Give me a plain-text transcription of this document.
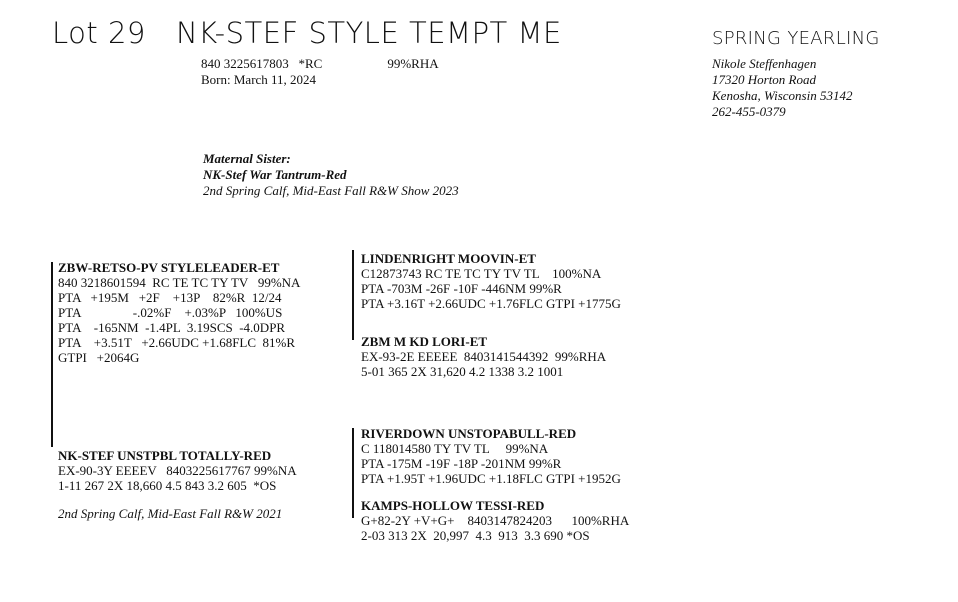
Lot 29 NK-STEF STYLE TEMPT ME	SPRING YEARLING
840 3225617803   *RC                    99%RHA
Born: March 11, 2024
Nikole Steffenhagen
17320 Horton Road
Kenosha, Wisconsin 53142
262-455-0379
Maternal Sister:
NK-Stef War Tantrum-Red
2nd Spring Calf, Mid-East Fall R&W Show 2023
ZBW-RETSO-PV STYLELEADER-ET
840 3218601594  RC TE TC TY TV   99%NA
PTA   +195M   +2F    +13P    82%R  12/24
PTA                -.02%F    +.03%P   100%US
PTA    -165NM  -1.4PL  3.19SCS  -4.0DPR
PTA    +3.51T   +2.66UDC +1.68FLC  81%R
GTPI   +2064G
LINDENRIGHT MOOVIN-ET
C12873743 RC TE TC TY TV TL    100%NA
PTA -703M -26F -10F -446NM 99%R
PTA +3.16T +2.66UDC +1.76FLC GTPI +1775G
ZBM M KD LORI-ET
EX-93-2E EEEEE  8403141544392  99%RHA
5-01 365 2X 31,620 4.2 1338 3.2 1001
NK-STEF UNSTPBL TOTALLY-RED
EX-90-3Y EEEEV   8403225617767 99%NA
1-11 267 2X 18,660 4.5 843 3.2 605  *OS
2nd Spring Calf, Mid-East Fall R&W 2021
RIVERDOWN UNSTOPABULL-RED
C 118014580 TY TV TL     99%NA
PTA -175M -19F -18P -201NM 99%R
PTA +1.95T +1.96UDC +1.18FLC GTPI +1952G
KAMPS-HOLLOW TESSI-RED
G+82-2Y +V+G+    8403147824203      100%RHA
2-03 313 2X  20,997  4.3  913  3.3 690 *OS
